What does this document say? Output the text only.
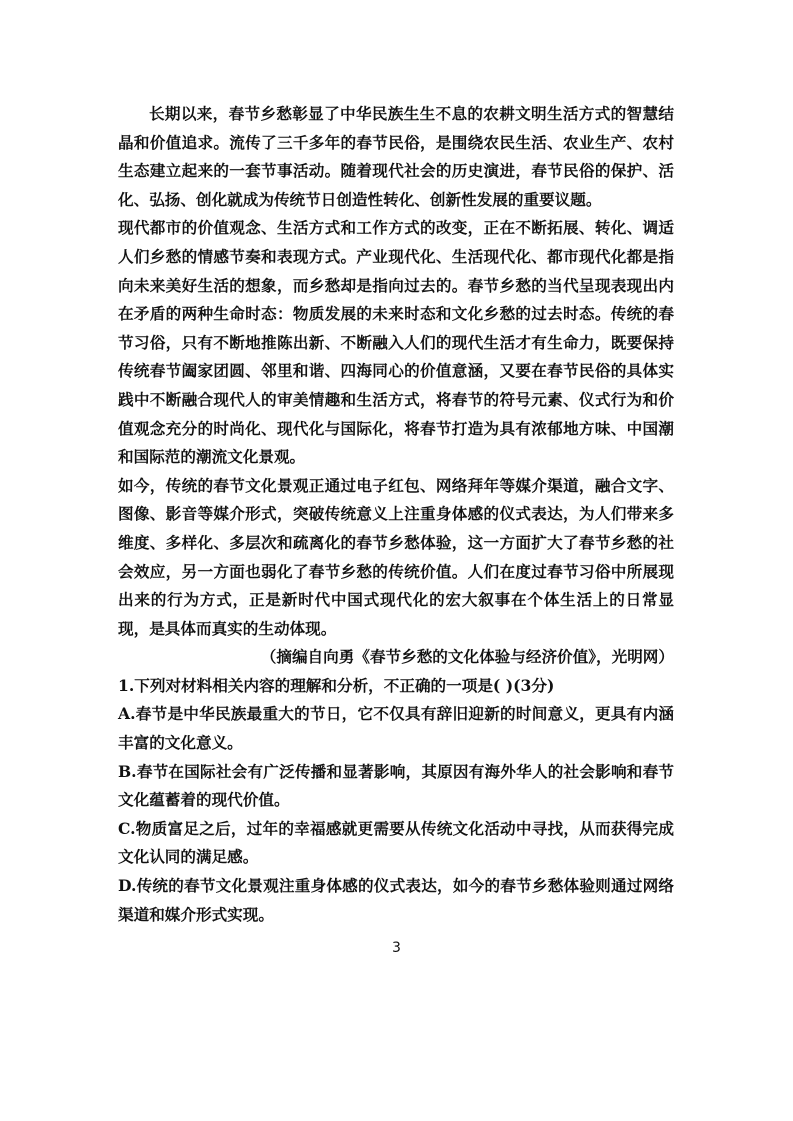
长期以来，春节乡愁彰显了中华民族生生不息的农耕文明生活方式的智慧结晶和价值追求。流传了三千多年的春节民俗，是围绕农民生活、农业生产、农村生态建立起来的一套节事活动。随着现代社会的历史演进，春节民俗的保护、活化、弘扬、创化就成为传统节日创造性转化、创新性发展的重要议题。

现代都市的价值观念、生活方式和工作方式的改变，正在不断拓展、转化、调适人们乡愁的情感节奏和表现方式。产业现代化、生活现代化、都市现代化都是指向未来美好生活的想象，而乡愁却是指向过去的。春节乡愁的当代呈现表现出内在矛盾的两种生命时态：物质发展的未来时态和文化乡愁的过去时态。传统的春节习俗，只有不断地推陈出新、不断融入人们的现代生活才有生命力，既要保持传统春节阖家团圆、邻里和谐、四海同心的价值意涵，又要在春节民俗的具体实践中不断融合现代人的审美情趣和生活方式，将春节的符号元素、仪式行为和价值观念充分的时尚化、现代化与国际化，将春节打造为具有浓郁地方味、中国潮和国际范的潮流文化景观。

如今，传统的春节文化景观正通过电子红包、网络拜年等媒介渠道，融合文字、图像、影音等媒介形式，突破传统意义上注重身体感的仪式表达，为人们带来多维度、多样化、多层次和疏离化的春节乡愁体验，这一方面扩大了春节乡愁的社会效应，另一方面也弱化了春节乡愁的传统价值。人们在度过春节习俗中所展现出来的行为方式，正是新时代中国式现代化的宏大叙事在个体生活上的日常显现，是具体而真实的生动体现。

（摘编自向勇《春节乡愁的文化体验与经济价值》，光明网）

1.下列对材料相关内容的理解和分析，不正确的一项是( )(3分)

A.春节是中华民族最重大的节日，它不仅具有辞旧迎新的时间意义，更具有内涵丰富的文化意义。

B.春节在国际社会有广泛传播和显著影响，其原因有海外华人的社会影响和春节文化蕴蓄着的现代价值。

C.物质富足之后，过年的幸福感就更需要从传统文化活动中寻找，从而获得完成文化认同的满足感。

D.传统的春节文化景观注重身体感的仪式表达，如今的春节乡愁体验则通过网络渠道和媒介形式实现。

3
